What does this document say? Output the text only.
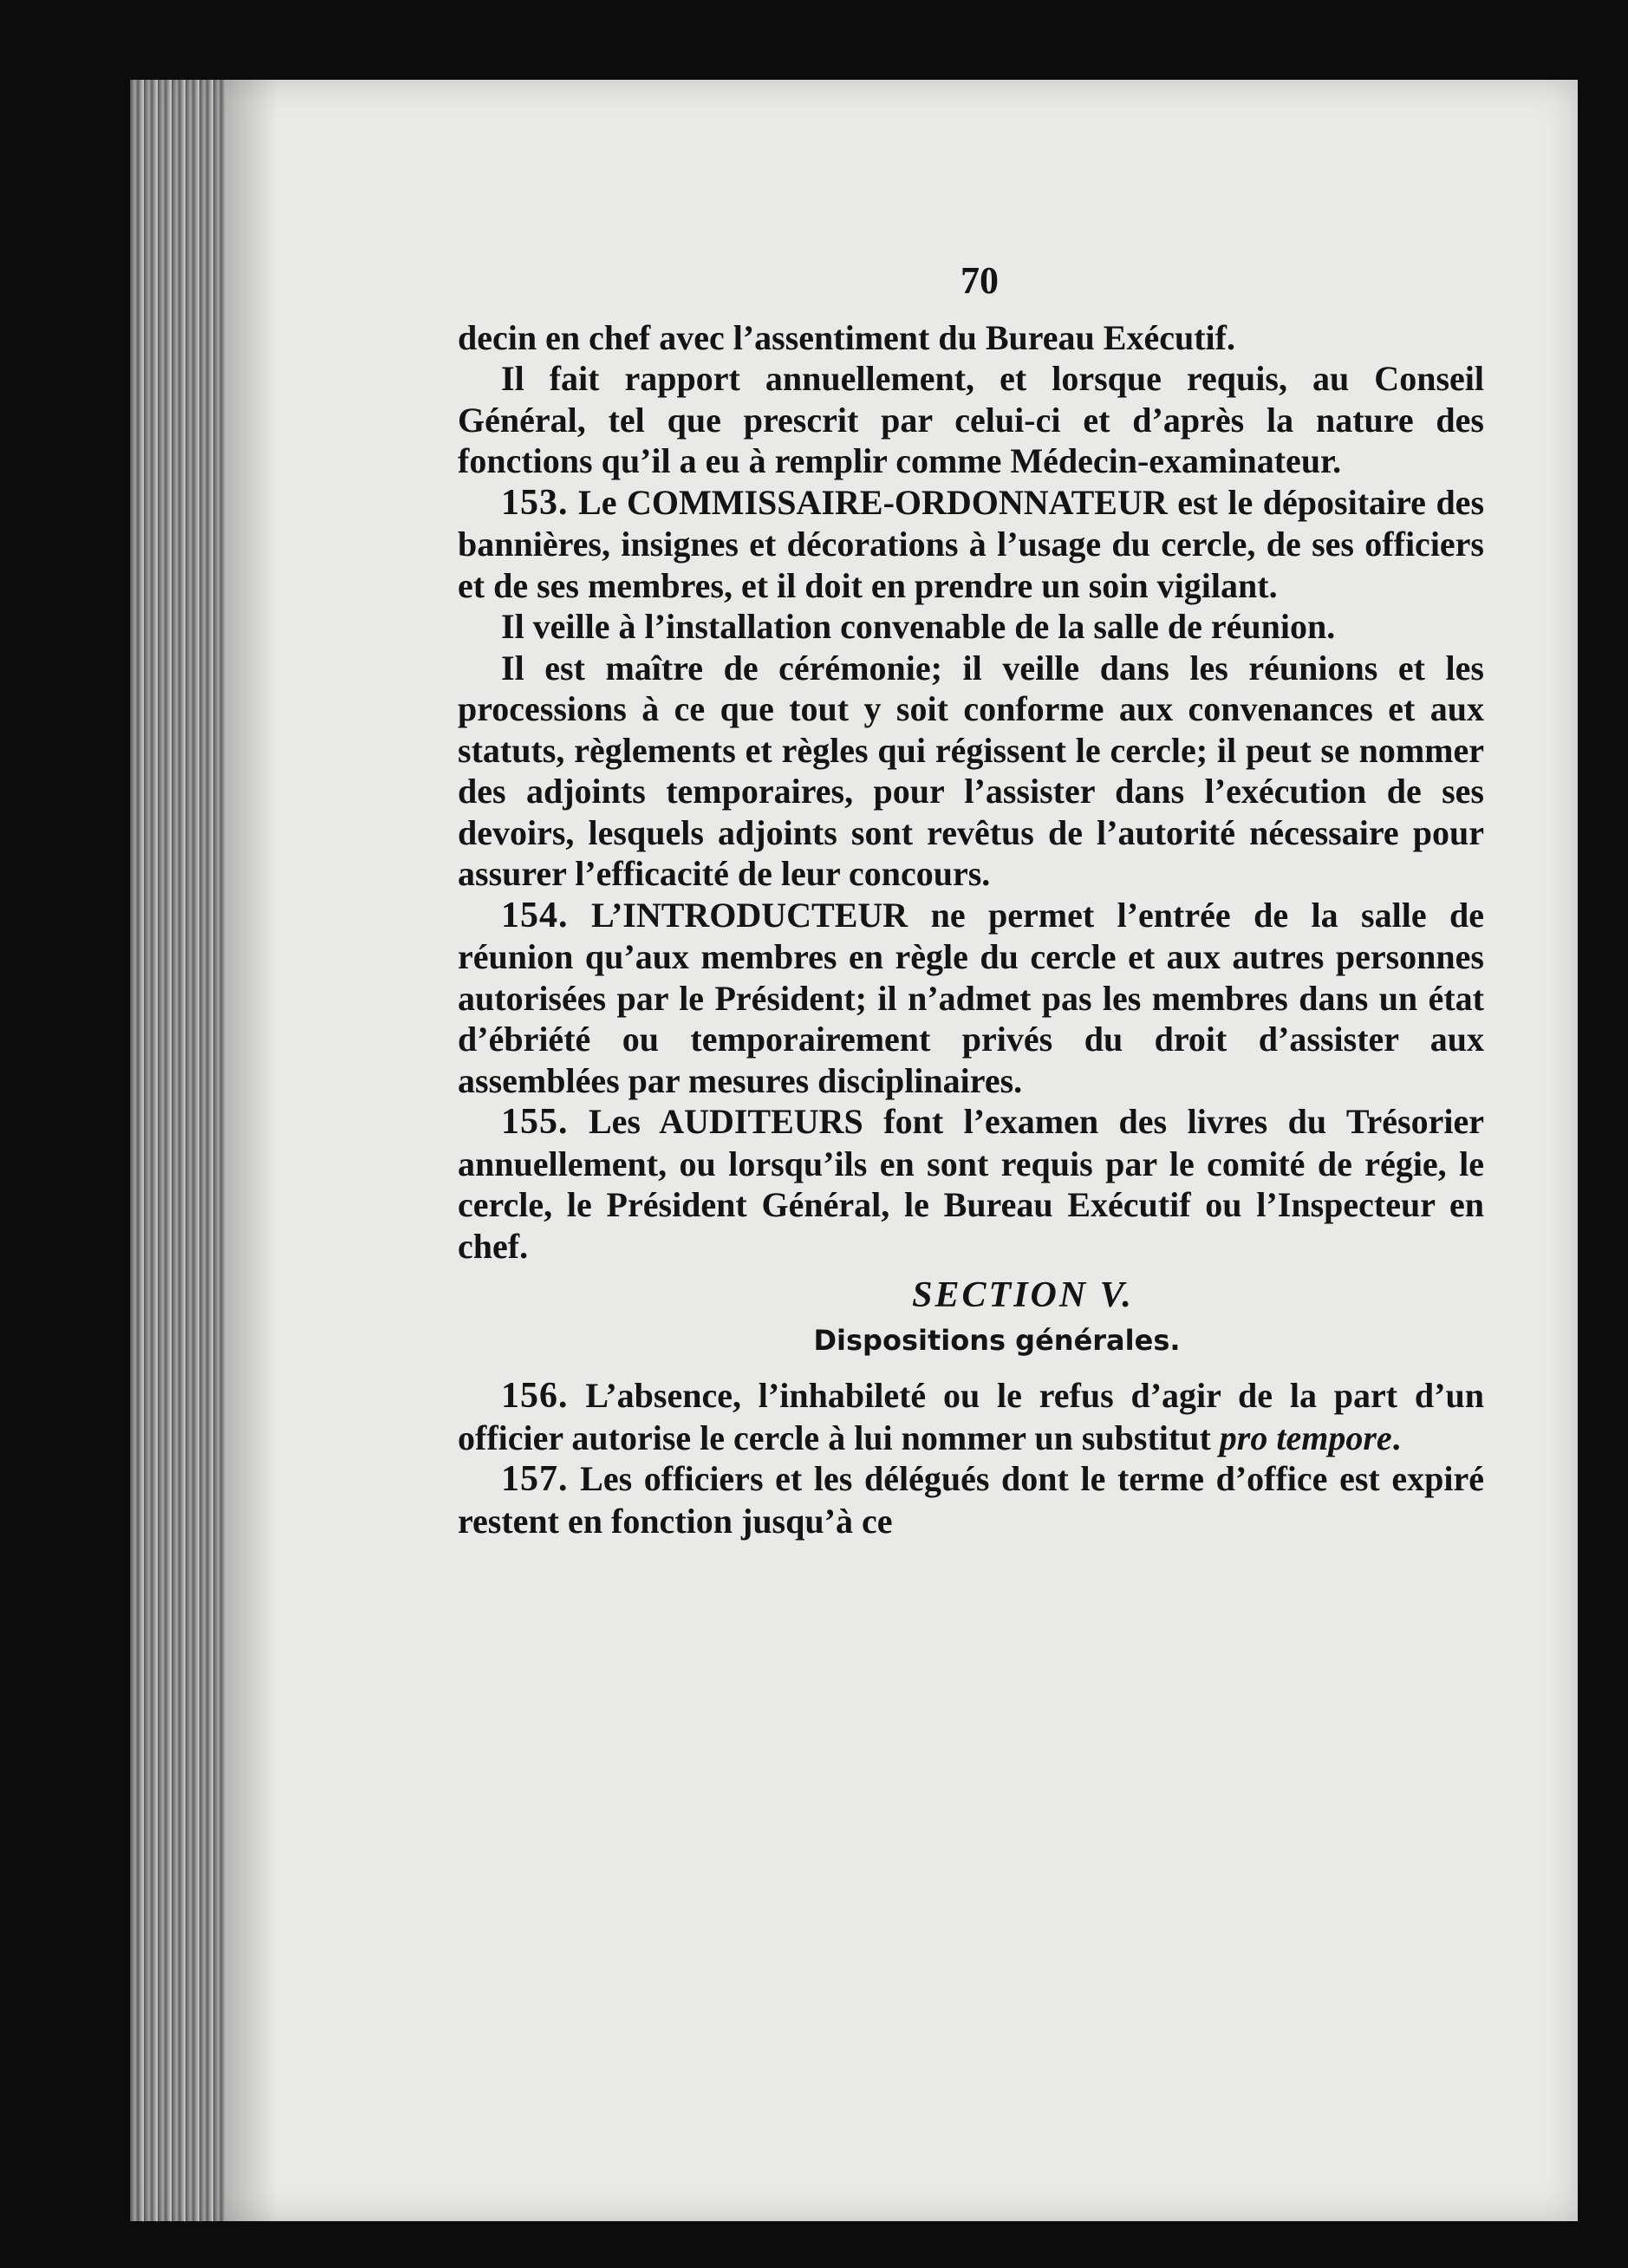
70

decin en chef avec l’assentiment du Bureau Exécutif.

Il fait rapport annuellement, et lorsque requis, au Conseil Général, tel que prescrit par celui-ci et d’après la nature des fonctions qu’il a eu à remplir comme Médecin-examinateur.

153. Le COMMISSAIRE-ORDONNATEUR est le dépositaire des bannières, insignes et décorations à l’usage du cercle, de ses officiers et de ses membres, et il doit en prendre un soin vigilant.

Il veille à l’installation convenable de la salle de réunion.

Il est maître de cérémonie; il veille dans les réunions et les processions à ce que tout y soit conforme aux convenances et aux statuts, règlements et règles qui régissent le cercle; il peut se nommer des adjoints temporaires, pour l’assister dans l’exécution de ses devoirs, lesquels adjoints sont revêtus de l’autorité nécessaire pour assurer l’efficacité de leur concours.

154. L’INTRODUCTEUR ne permet l’entrée de la salle de réunion qu’aux membres en règle du cercle et aux autres personnes autorisées par le Président; il n’admet pas les membres dans un état d’ébriété ou temporairement privés du droit d’assister aux assemblées par mesures disciplinaires.

155. Les AUDITEURS font l’examen des livres du Trésorier annuellement, ou lorsqu’ils en sont requis par le comité de régie, le cercle, le Président Général, le Bureau Exécutif ou l’Inspecteur en chef.

SECTION V.
Dispositions générales.

156. L’absence, l’inhabileté ou le refus d’agir de la part d’un officier autorise le cercle à lui nommer un substitut pro tempore.

157. Les officiers et les délégués dont le terme d’office est expiré restent en fonction jusqu’à ce
